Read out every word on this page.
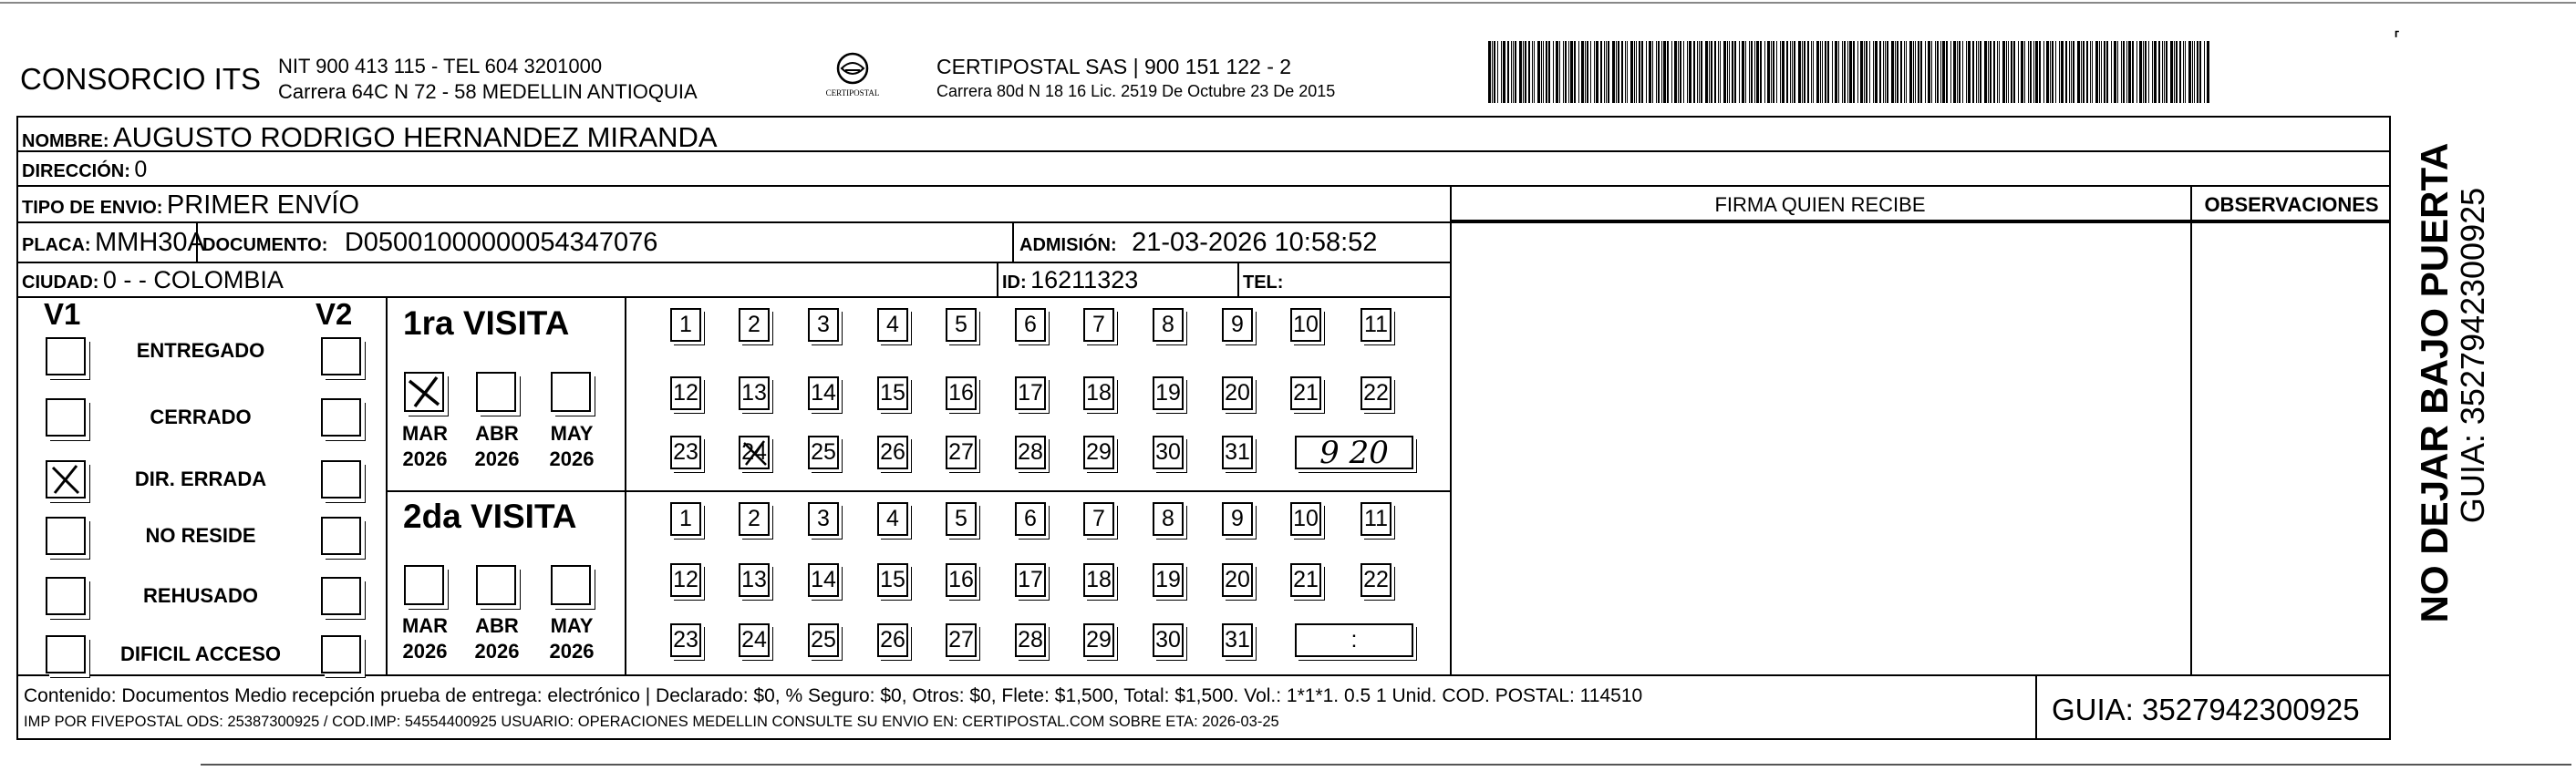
CONSORCIO ITS NIT 900 413 115 - TEL 604 3201000
Carrera 64C N 72 - 58 MEDELLIN ANTIOQUIA	CERTIPOSTAL
CERTIPOSTAL SAS | 900 151 122 - 2
Carrera 80d N 18 16 Lic. 2519 De Octubre 23 De 2015
⸢
NOMBRE: AUGUSTO RODRIGO HERNANDEZ MIRANDA
DIRECCIÓN: 0
TIPO DE ENVIO: PRIMER ENVÍO	FIRMA QUIEN RECIBE	OBSERVACIONES
PLACA: MMH30A
DOCUMENTO: D05001000000054347076	ADMISIÓN: 21-03-2026 10:58:52
CIUDAD: 0 - - COLOMBIA	ID: 16211323	TEL:
V1	V2
ENTREGADO
CERRADO
DIR. ERRADA
NO RESIDE
REHUSADO
DIFICIL ACCESO
1ra VISITA
2da VISITA
MAR
2026
ABR
2026
MAY
2026
MAR
2026
ABR
2026
MAY
2026
1 2 3 4 5 6 7 8 9 10 11
12 13 14 15 16 17 18 19 20 21 22
23 24 25 26 27 28 29 30 31 9 20
1 2 3 4 5 6 7 8 9 10 11
12 13 14 15 16 17 18 19 20 21 22
23 24 25 26 27 28 29 30 31	:
Contenido: Documentos Medio recepción prueba de entrega: electrónico | Declarado: $0, % Seguro: $0, Otros: $0, Flete: $1,500, Total: $1,500. Vol.: 1*1*1. 0.5 1 Unid. COD. POSTAL: 114510
IMP POR FIVEPOSTAL ODS: 25387300925 / COD.IMP: 54554400925 USUARIO: OPERACIONES MEDELLIN CONSULTE SU ENVIO EN: CERTIPOSTAL.COM SOBRE ETA: 2026-03-25	GUIA: 3527942300925
NO DEJAR BAJO PUERTA
GUIA: 3527942300925
